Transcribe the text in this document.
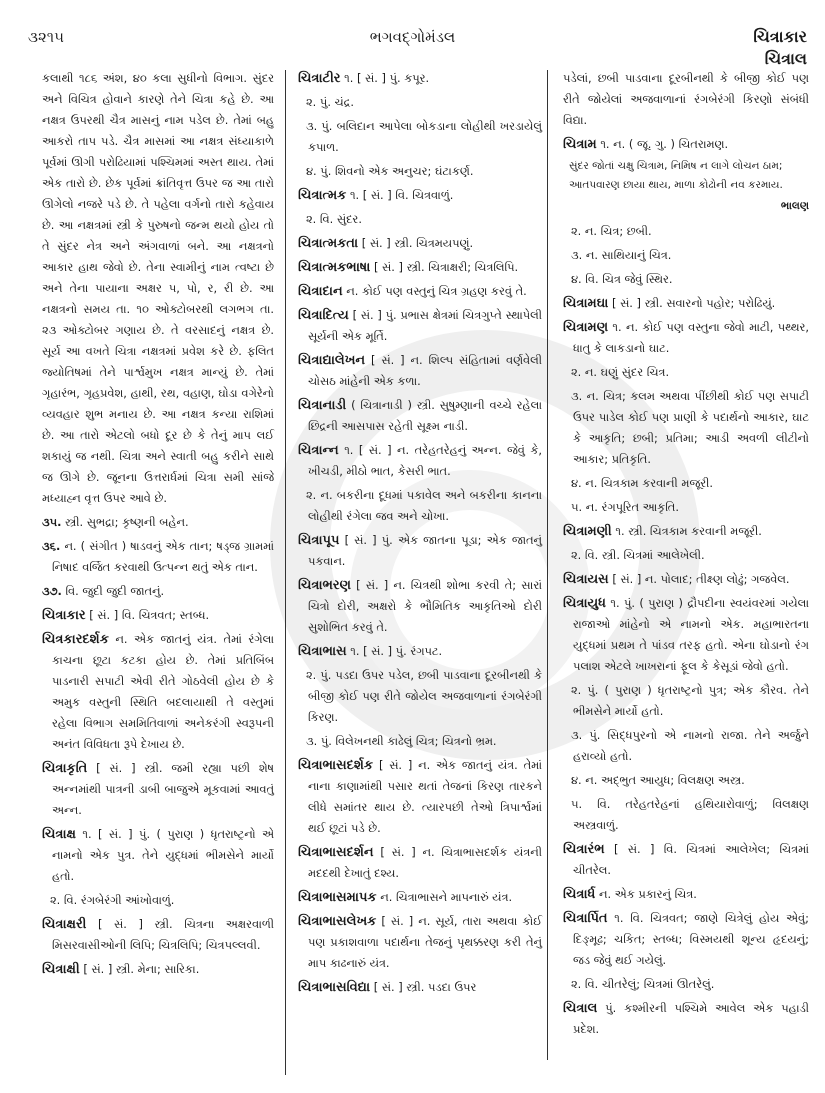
૩૨૧૫	ભગવદ્ગોમંડલ	ચિત્રાકાર
ચિત્રાલ

કલાથી ૧૮૬ અંશ, ૪૦ કલા સુધીનો વિભાગ. સુંદર અને વિચિત્ર હોવાને કારણે તેને ચિત્રા કહે છે. આ નક્ષત્ર ઉપરથી ચૈત્ર માસનું નામ પડેલ છે. તેમાં બહુ આકરો તાપ પડે. ચૈત્ર માસમાં આ નક્ષત્ર સંધ્યાકાળે પૂર્વમાં ઊગી પરોઢિયામાં પશ્ચિમમાં અસ્ત થાય. તેમાં એક તારો છે. છેક પૂર્વમાં ક્રાંતિવૃત્ત ઉપર જ આ તારો ઊગેલો નજરે પડે છે. તે પહેલા વર્ગનો તારો કહેવાય છે. આ નક્ષત્રમાં સ્ત્રી કે પુરુષનો જન્મ થયો હોય તો તે સુંદર નેત્ર અને અંગવાળાં બને. આ નક્ષત્રનો આકાર હાથ જેવો છે. તેના સ્વામીનું નામ ત્વષ્ટા છે અને તેના પાયાના અક્ષર પ, પો, ર, રી છે. આ નક્ષત્રનો સમય તા. ૧૦ ઓક્ટોબરથી લગભગ તા. ૨૩ ઓક્ટોબર ગણાય છે. તે વરસાદનું નક્ષત્ર છે. સૂર્ય આ વખતે ચિત્રા નક્ષત્રમાં પ્રવેશ કરે છે. ફલિત જ્યોતિષમાં તેને પાર્શ્વમુખ નક્ષત્ર માન્યું છે. તેમાં ગૃહારંભ, ગૃહપ્રવેશ, હાથી, રથ, વહાણ, ઘોડા વગેરેનો વ્યવહાર શુભ મનાય છે. આ નક્ષત્ર કન્યા રાશિમાં છે. આ તારો એટલો બધો દૂર છે કે તેનું માપ લઈ શકાયું જ નથી. ચિત્રા અને સ્વાતી બહુ કરીને સાથે જ ઊગે છે. જૂનના ઉત્તરાર્ધમાં ચિત્રા સમી સાંજે મધ્યાહ્ન વૃત્ત ઉપર આવે છે.

૩૫. સ્ત્રી. સુભદ્રા; કૃષ્ણની બહેન.

૩૬. ન. ( સંગીત ) ષાડવનું એક તાન; ષડ્જ ગ્રામમાં નિષાદ વર્જિત કરવાથી ઉત્પન્ન થતું એક તાન.

૩૭. વિ. જુદી જુદી જાતનું.

ચિત્રાકાર [ સં. ] વિ. ચિત્રવત; સ્તબ્ધ.

ચિત્રકારદર્શક ન. એક જાતનું યંત્ર. તેમાં રંગેલા કાચના છૂટા કટકા હોય છે. તેમાં પ્રતિબિંબ પાડનારી સપાટી એવી રીતે ગોઠવેલી હોય છે કે અમુક વસ્તુની સ્થિતિ બદલાયાથી તે વસ્તુમાં રહેલા વિભાગ સમમિતિવાળાં અનેકરંગી સ્વરૂપની અનંત વિવિધતા રૂપે દેખાય છે.

ચિત્રાકૃતિ [ સં. ] સ્ત્રી. જમી રહ્યા પછી શેષ અન્નમાંથી પાત્રની ડાબી બાજુએ મૂકવામાં આવતું અન્ન.

ચિત્રાક્ષ ૧. [ સં. ] પું. ( પુરાણ ) ધૃતરાષ્ટ્રનો એ નામનો એક પુત્ર. તેને યુદ્ધમાં ભીમસેને માર્યો હતો.

૨. વિ. રંગબેરંગી આંખોવાળું.

ચિત્રાક્ષરી [ સં. ] સ્ત્રી. ચિત્રના અક્ષરવાળી મિસરવાસીઓની લિપિ; ચિત્રલિપિ; ચિત્રપલ્લવી.

ચિત્રાક્ષી [ સં. ] સ્ત્રી. મેના; સારિકા.

ચિત્રાટીર ૧. [ સં. ] પું. કપૂર.

૨. પું. ચંદ્ર.

૩. પું. બલિદાન આપેલા બોકડાના લોહીથી ખરડાયેલું કપાળ.

૪. પું. શિવનો એક અનુચર; ઘંટાકર્ણ.

ચિત્રાત્મક ૧. [ સં. ] વિ. ચિત્રવાળું.

૨. વિ. સુંદર.

ચિત્રાત્મકતા [ સં. ] સ્ત્રી. ચિત્રમયપણું.

ચિત્રાત્મકભાષા [ સં. ] સ્ત્રી. ચિત્રાક્ષરી; ચિત્રલિપિ.

ચિત્રાદાન ન. કોઈ પણ વસ્તુનું ચિત્ર ગ્રહણ કરવું તે.

ચિત્રાદિત્ય [ સં. ] પું. પ્રભાસ ક્ષેત્રમાં ચિત્રગુપ્તે સ્થાપેલી સૂર્યની એક મૂર્તિ.

ચિત્રાદ્યાલેખન [ સં. ] ન. શિલ્પ સંહિતામાં વર્ણવેલી ચોસઠ માંહેની એક કળા.

ચિત્રાનાડી ( ચિત્રાનાડી ) સ્ત્રી. સુષુમ્ણાની વચ્ચે રહેલા છિદ્રની આસપાસ રહેતી સૂક્ષ્મ નાડી.

ચિત્રાન્ન ૧. [ સં. ] ન. તરેહતરેહનું અન્ન. જેવું કે, ખીચડી, મીઠો ભાત, કેસરી ભાત.

૨. ન. બકરીના દૂધમાં પકાવેલ અને બકરીના કાનના લોહીથી રંગેલા જવ અને ચોખા.

ચિત્રાપૂપ [ સં. ] પું. એક જાતના પૂડા; એક જાતનું પકવાન.

ચિત્રાભરણ [ સં. ] ન. ચિત્રથી શોભા કરવી તે; સારાં ચિત્રો દોરી, અક્ષરો કે ભૌમિતિક આકૃતિઓ દોરી સુશોભિત કરવું તે.

ચિત્રાભાસ ૧. [ સં. ] પું. રંગપટ.

૨. પું. પડદા ઉપર પડેલ, છબી પાડવાના દૂરબીનથી કે બીજી કોઈ પણ રીતે જોયેલ અજવાળાનાં રંગબેરંગી કિરણ.

૩. પું. વિલેખનથી કાઢેલું ચિત્ર; ચિત્રનો ભ્રમ.

ચિત્રાભાસદર્શક [ સં. ] ન. એક જાતનું યંત્ર. તેમાં નાના કાણામાંથી પસાર થતાં તેજનાં કિરણ તારકને લીધે સમાંતર થાય છે. ત્યારપછી તેઓ ત્રિપાર્શ્વમાં થઈ છૂટાં પડે છે.

ચિત્રાભાસદર્શન [ સં. ] ન. ચિત્રાભાસદર્શક યંત્રની મદદથી દેખાતું દશ્ય.

ચિત્રાભાસમાપક ન. ચિત્રાભાસને માપનારું યંત્ર.

ચિત્રાભાસલેખક [ સં. ] ન. સૂર્ય, તારા અથવા કોઈ પણ પ્રકાશવાળા પદાર્થના તેજનું પૃથક્કરણ કરી તેનું માપ કાઢનારું યંત્ર.

ચિત્રાભાસવિદ્યા [ સં. ] સ્ત્રી. પડદા ઉપર

પડેલાં, છબી પાડવાના દૂરબીનથી કે બીજી કોઈ પણ રીતે જોયેલાં અજવાળાનાં રંગબેરંગી કિરણો સંબંધી વિદ્યા.

ચિત્રામ ૧. ન. ( જૂ. ગુ. ) ચિતરામણ.

સુંદર જોતાં ચક્ષુ ચિત્રામ, નિમિષ ન લાગે લોચન ઠામ;

આતપવારણ છાયા થાય, માળા કોઢોની નવ કરમાય.

ભાલણ

૨. ન. ચિત્ર; છબી.

૩. ન. સાથિયાનું ચિત્ર.

૪. વિ. ચિત્ર જેવું સ્થિર.

ચિત્રામઘા [ સં. ] સ્ત્રી. સવારનો પહોર; પરોઢિયું.

ચિત્રામણ ૧. ન. કોઈ પણ વસ્તુના જેવો માટી, પથ્થર, ધાતુ કે લાકડાનો ઘાટ.

૨. ન. ઘણું સુંદર ચિત્ર.

૩. ન. ચિત્ર; કલમ અથવા પીંછીથી કોઈ પણ સપાટી ઉપર પાડેલ કોઈ પણ પ્રાણી કે પદાર્થનો આકાર, ઘાટ કે આકૃતિ; છબી; પ્રતિમા; આડી અવળી લીટીનો આકાર; પ્રતિકૃતિ.

૪. ન. ચિત્રકામ કરવાની મજૂરી.

૫. ન. રંગપૂરિત આકૃતિ.

ચિત્રામણી ૧. સ્ત્રી. ચિત્રકામ કરવાની મજૂરી.

૨. વિ. સ્ત્રી. ચિત્રમાં આલેખેલી.

ચિત્રાયસ [ સં. ] ન. પોલાદ; તીક્ષ્ણ લોઢું; ગજવેલ.

ચિત્રાયુધ ૧. પું. ( પુરાણ ) દ્રૌપદીના સ્વયંવરમાં ગયેલા રાજાઓ માંહેનો એ નામનો એક. મહાભારતના યુદ્ધમાં પ્રથમ તે પાંડવ તરફ હતો. એના ઘોડાનો રંગ પલાશ એટલે ખાખરાનાં ફૂલ કે કેસૂડાં જેવો હતો.

૨. પું. ( પુરાણ ) ધૃતરાષ્ટ્રનો પુત્ર; એક કૌરવ. તેને ભીમસેને માર્યો હતો.

૩. પું. સિદ્ધપુરનો એ નામનો રાજા. તેને અર્જુને હરાવ્યો હતો.

૪. ન. અદ્ભુત આયુધ; વિલક્ષણ અસ્ત્ર.

૫. વિ. તરેહતરેહનાં હથિયારોવાળું; વિલક્ષણ અસ્ત્રવાળું.

ચિત્રારંભ [ સં. ] વિ. ચિત્રમાં આલેખેલ; ચિત્રમાં ચીતરેલ.

ચિત્રાર્ધ ન. એક પ્રકારનું ચિત્ર.

ચિત્રાર્પિત ૧. વિ. ચિત્રવત; જાણે ચિત્રેલું હોય એવું; દિઙ્મૂઢ; ચકિત; સ્તબ્ધ; વિસ્મયથી શૂન્ય હૃદયનું; જડ જેવું થઈ ગયેલું.

૨. વિ. ચીતરેલું; ચિત્રમાં ઊતરેલું.

ચિત્રાલ પું. કશ્મીરની પશ્ચિમે આવેલ એક પહાડી પ્રદેશ.
